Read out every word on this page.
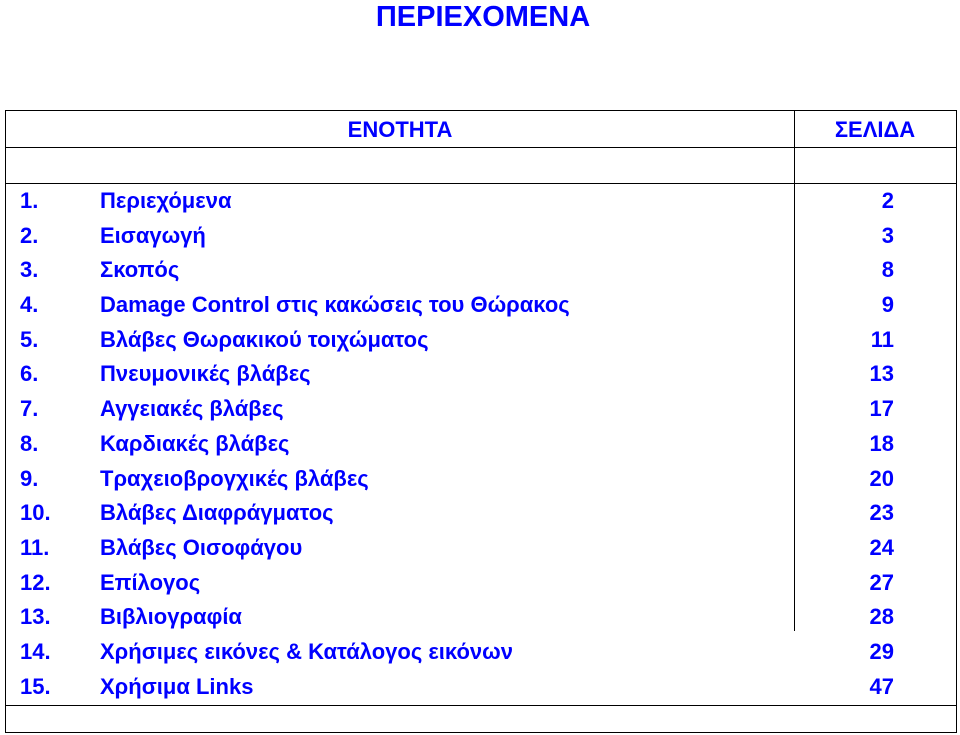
ΠΕΡΙΕΧΟΜΕΝΑ
ΕΝΟΤΗΤΑ	ΣΕΛΙΔΑ
1.	Περιεχόμενα	2
2.	Εισαγωγή	3
3.	Σκοπός	8
4.	Damage Control στις κακώσεις του Θώρακος	9
5.	Βλάβες Θωρακικού τοιχώματος	11
6.	Πνευμονικές βλάβες	13
7.	Αγγειακές βλάβες	17
8.	Καρδιακές βλάβες	18
9.	Τραχειοβρογχικές βλάβες	20
10.	Βλάβες Διαφράγματος	23
11.	Βλάβες Οισοφάγου	24
12.	Επίλογος	27
13.	Βιβλιογραφία	28
14.	Χρήσιμες εικόνες & Κατάλογος εικόνων	29
15.	Χρήσιμα Links	47
